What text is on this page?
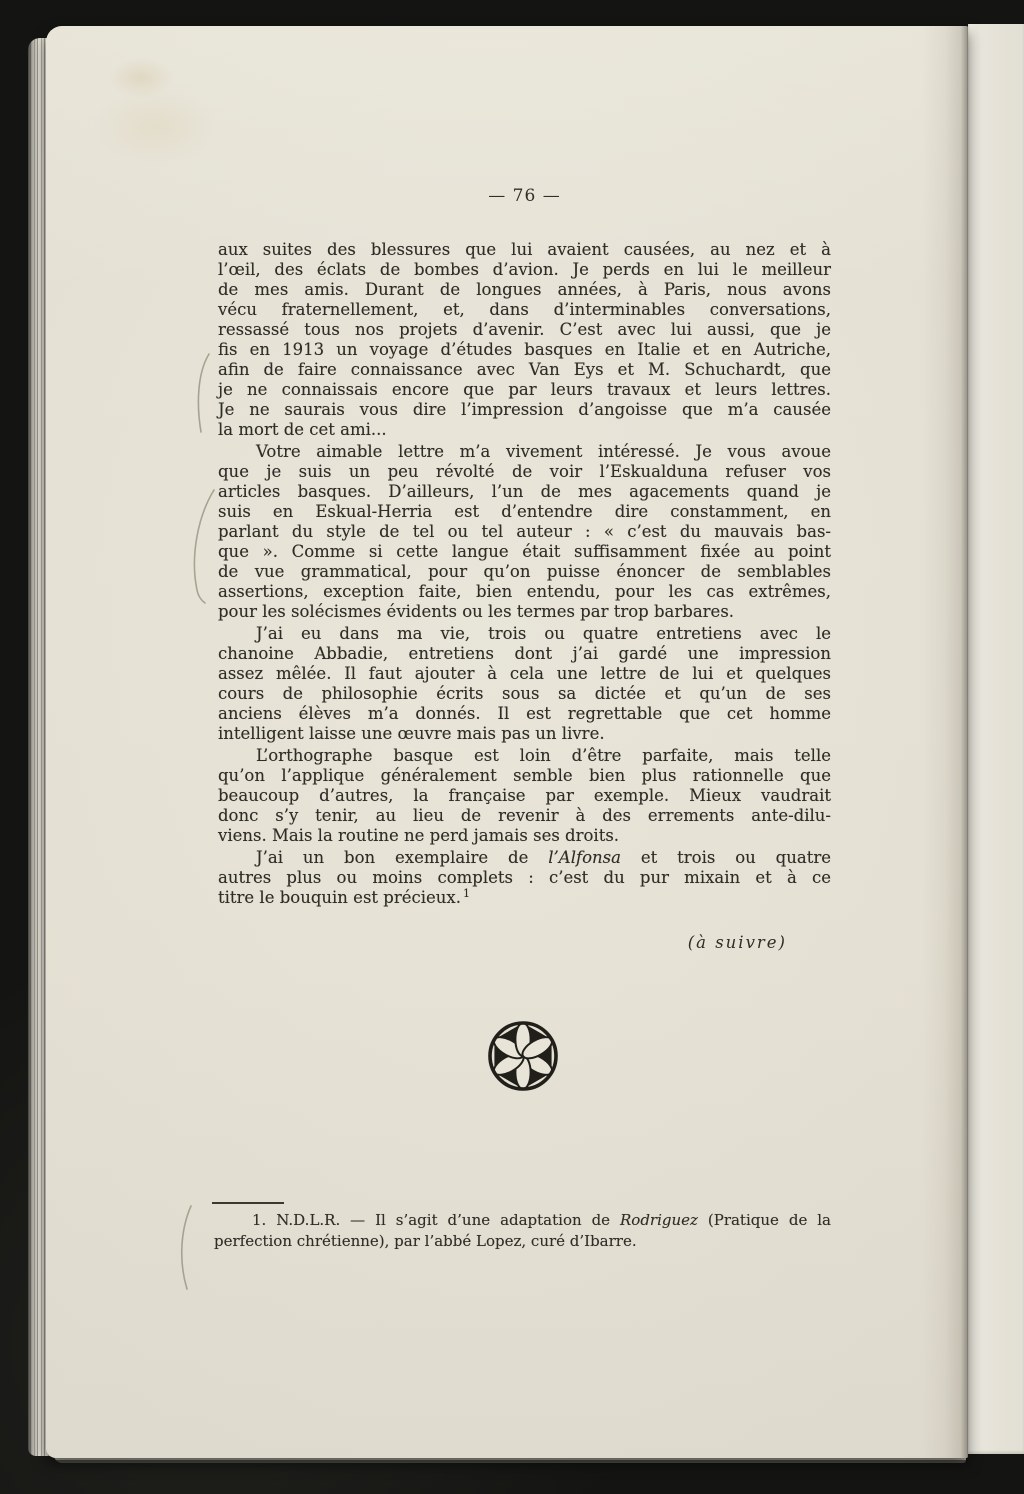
— 76 —
aux suites des blessures que lui avaient causées, au nez et à
l’œil, des éclats de bombes d’avion. Je perds en lui le meilleur
de mes amis. Durant de longues années, à Paris, nous avons
vécu fraternellement, et, dans d’interminables conversations,
ressassé tous nos projets d’avenir. C’est avec lui aussi, que je
fis en 1913 un voyage d’études basques en Italie et en Autriche,
afin de faire connaissance avec Van Eys et M. Schuchardt, que
je ne connaissais encore que par leurs travaux et leurs lettres.
Je ne saurais vous dire l’impression d’angoisse que m’a causée
la mort de cet ami...
Votre aimable lettre m’a vivement intéressé. Je vous avoue
que je suis un peu révolté de voir l’Eskualduna refuser vos
articles basques. D’ailleurs, l’un de mes agacements quand je
suis en Eskual-Herria est d’entendre dire constamment, en
parlant du style de tel ou tel auteur : « c’est du mauvais bas-
que ». Comme si cette langue était suffisamment fixée au point
de vue grammatical, pour qu’on puisse énoncer de semblables
assertions, exception faite, bien entendu, pour les cas extrêmes,
pour les solécismes évidents ou les termes par trop barbares.
J’ai eu dans ma vie, trois ou quatre entretiens avec le
chanoine Abbadie, entretiens dont j’ai gardé une impression
assez mêlée. Il faut ajouter à cela une lettre de lui et quelques
cours de philosophie écrits sous sa dictée et qu’un de ses
anciens élèves m’a donnés. Il est regrettable que cet homme
intelligent laisse une œuvre mais pas un livre.
L’orthographe basque est loin d’être parfaite, mais telle
qu’on l’applique généralement semble bien plus rationnelle que
beaucoup d’autres, la française par exemple. Mieux vaudrait
donc s’y tenir, au lieu de revenir à des errements ante-dilu-
viens. Mais la routine ne perd jamais ses droits.
J’ai un bon exemplaire de l’Alfonsa et trois ou quatre
autres plus ou moins complets : c’est du pur mixain et à ce
titre le bouquin est précieux. $^1$
(à suivre)
1. N.D.L.R. — Il s’agit d’une adaptation de Rodriguez (Pratique de la
perfection chrétienne), par l’abbé Lopez, curé d’Ibarre.
